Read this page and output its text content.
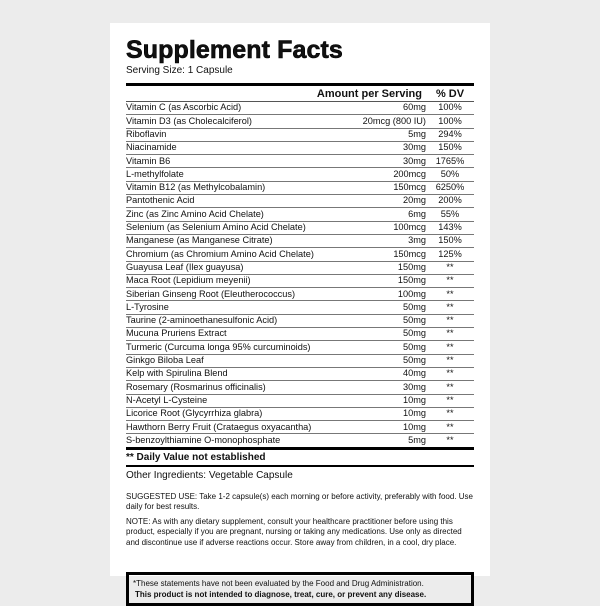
Supplement Facts
Serving Size: 1 Capsule
	Amount per Serving	% DV
Vitamin C (as Ascorbic Acid)	60mg	100%
Vitamin D3 (as Cholecalciferol)	20mcg (800 IU)	100%
Riboflavin	5mg	294%
Niacinamide	30mg	150%
Vitamin B6	30mg	1765%
L-methylfolate	200mcg	50%
Vitamin B12 (as Methylcobalamin)	150mcg	6250%
Pantothenic Acid	20mg	200%
Zinc (as Zinc Amino Acid Chelate)	6mg	55%
Selenium (as Selenium Amino Acid Chelate)	100mcg	143%
Manganese (as Manganese Citrate)	3mg	150%
Chromium (as Chromium Amino Acid Chelate)	150mcg	125%
Guayusa Leaf (Ilex guayusa)	150mg	**
Maca Root (Lepidium meyenii)	150mg	**
Siberian Ginseng Root (Eleutherococcus)	100mg	**
L-Tyrosine	50mg	**
Taurine (2-aminoethanesulfonic Acid)	50mg	**
Mucuna Pruriens Extract	50mg	**
Turmeric (Curcuma longa 95% curcuminoids)	50mg	**
Ginkgo Biloba Leaf	50mg	**
Kelp with Spirulina Blend	40mg	**
Rosemary (Rosmarinus officinalis)	30mg	**
N-Acetyl L-Cysteine	10mg	**
Licorice Root (Glycyrrhiza glabra)	10mg	**
Hawthorn Berry Fruit (Crataegus oxyacantha)	10mg	**
S-benzoylthiamine O-monophosphate	5mg	**
** Daily Value not established
Other Ingredients: Vegetable Capsule
SUGGESTED USE: Take 1-2 capsule(s) each morning or before activity, preferably with food. Use daily for best results.
NOTE: As with any dietary supplement, consult your healthcare practitioner before using this product, especially if you are pregnant, nursing or taking any medications. Use only as directed and discontinue use if adverse reactions occur. Store away from children, in a cool, dry place.
*These statements have not been evaluated by the Food and Drug Administration.
This product is not intended to diagnose, treat, cure, or prevent any disease.
